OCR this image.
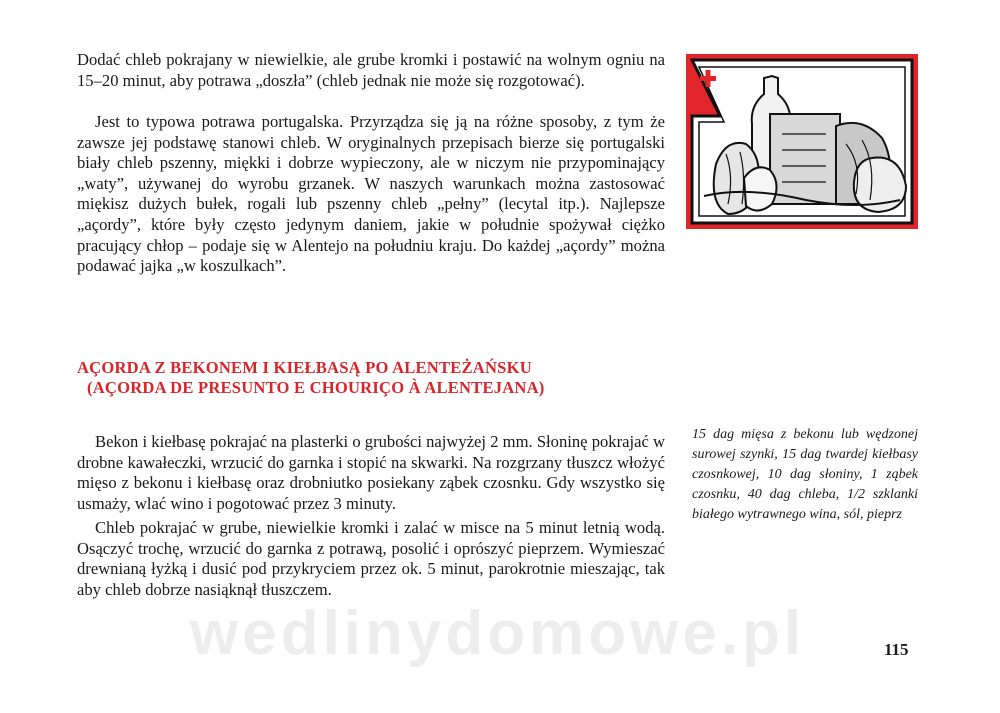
Dodać chleb pokrajany w niewielkie, ale grube kromki i postawić na wolnym ogniu na 15–20 minut, aby potrawa „doszła” (chleb jednak nie może się rozgotować).

Jest to typowa potrawa portugalska. Przyrządza się ją na różne sposoby, z tym że zawsze jej podstawę stanowi chleb. W oryginalnych przepisach bierze się portugalski biały chleb pszenny, miękki i dobrze wypieczony, ale w niczym nie przypominający „waty”, używanej do wyrobu grzanek. W naszych warunkach można zastosować miękisz dużych bułek, rogali lub pszenny chleb „pełny” (lecytal itp.). Najlepsze „açordy”, które były często jedynym daniem, jakie w południe spożywał ciężko pracujący chłop – podaje się w Alentejo na południu kraju. Do każdej „açordy” można podawać jajka „w koszulkach”.

AÇORDA Z BEKONEM I KIEŁBASĄ PO ALENTEŻAŃSKU

(AÇORDA DE PRESUNTO E CHOURIÇO À ALENTEJANA)

Bekon i kiełbasę pokrajać na plasterki o grubości najwyżej 2 mm. Słoninę pokrajać w drobne kawałeczki, wrzucić do garnka i stopić na skwarki. Na rozgrzany tłuszcz włożyć mięso z bekonu i kiełbasę oraz drobniutko posiekany ząbek czosnku. Gdy wszystko się usmaży, wlać wino i pogotować przez 3 minuty.

Chleb pokrajać w grube, niewielkie kromki i zalać w misce na 5 minut letnią wodą. Osączyć trochę, wrzucić do garnka z potrawą, posolić i oprószyć pieprzem. Wymieszać drewnianą łyżką i dusić pod przykryciem przez ok. 5 minut, parokrotnie mieszając, tak aby chleb dobrze nasiąknął tłuszczem.

15 dag mięsa z bekonu lub wędzonej surowej szynki, 15 dag twardej kiełbasy czosnkowej, 10 dag słoniny, 1 ząbek czosnku, 40 dag chleba, 1/2 szklanki białego wytrawnego wina, sól, pieprz

wedlinydomowe.pl	115
